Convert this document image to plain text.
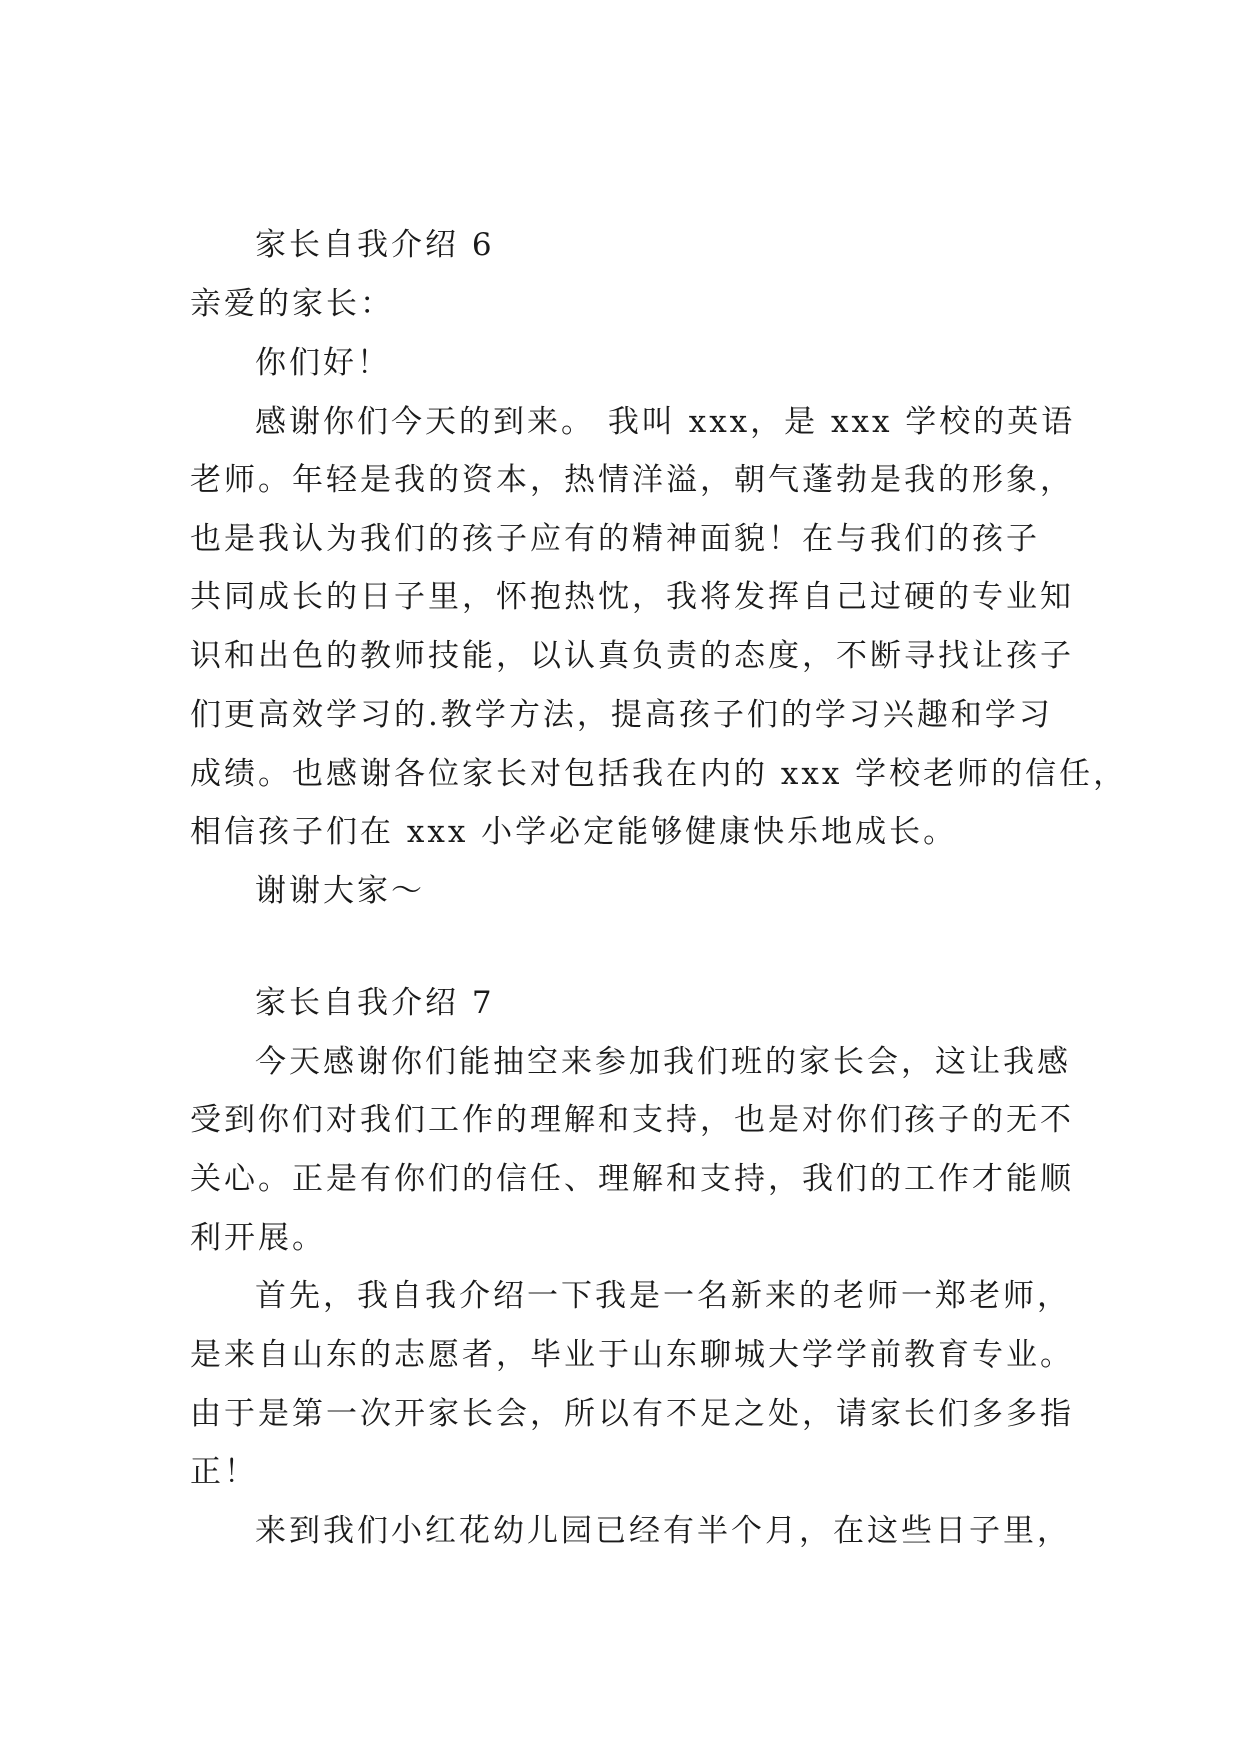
家长自我介绍 6

亲爱的家长：

你们好！

感谢你们今天的到来。 我叫 xxx，是 xxx 学校的英语

老师。年轻是我的资本，热情洋溢，朝气蓬勃是我的形象，

也是我认为我们的孩子应有的精神面貌！在与我们的孩子

共同成长的日子里，怀抱热忱，我将发挥自己过硬的专业知

识和出色的教师技能，以认真负责的态度，不断寻找让孩子

们更高效学习的.教学方法，提高孩子们的学习兴趣和学习

成绩。也感谢各位家长对包括我在内的 xxx 学校老师的信任，

相信孩子们在 xxx 小学必定能够健康快乐地成长。

谢谢大家～

家长自我介绍 7

今天感谢你们能抽空来参加我们班的家长会，这让我感

受到你们对我们工作的理解和支持，也是对你们孩子的无不

关心。正是有你们的信任、理解和支持，我们的工作才能顺

利开展。

首先，我自我介绍一下我是一名新来的老师一郑老师，

是来自山东的志愿者，毕业于山东聊城大学学前教育专业。

由于是第一次开家长会，所以有不足之处，请家长们多多指

正！

来到我们小红花幼儿园已经有半个月，在这些日子里，
